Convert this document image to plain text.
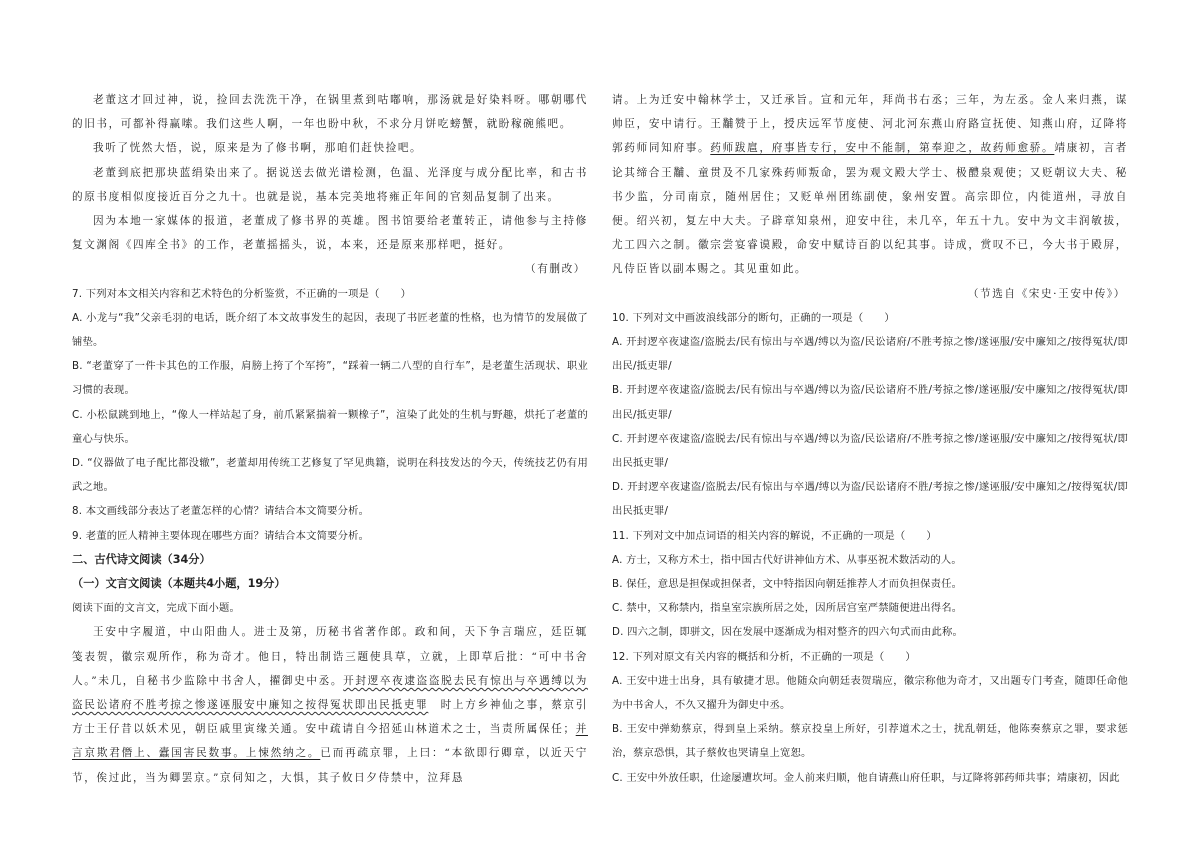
老董这才回过神，说，捡回去洗洗干净，在锅里煮到咕嘟响，那汤就是好染料呀。哪朝哪代的旧书，可都补得赢嗦。我们这些人啊，一年也盼中秋，不求分月饼吃螃蟹，就盼稼碗熊吧。

我听了恍然大悟，说，原来是为了修书啊，那咱们赶快捡吧。

老董到底把那块蓝绢染出来了。据说送去做光谱检测，色温、光泽度与成分配比率，和古书的原书度相似度接近百分之九十。也就是说，基本完美地将雍正年间的官刻品复制了出来。

因为本地一家媒体的报道，老董成了修书界的英雄。图书馆要给老董转正，请他参与主持修复文渊阁《四库全书》的工作，老董摇摇头，说，本来，还是原来那样吧，挺好。

（有删改）

7. 下列对本文相关内容和艺术特色的分析鉴赏，不正确的一项是（　　）

A. 小龙与“我”父亲毛羽的电话，既介绍了本文故事发生的起因，表现了书匠老董的性格，也为情节的发展做了铺垫。

B. “老董穿了一件卡其色的工作服，肩膀上挎了个军挎”，“踩着一辆二八型的自行车”，是老董生活现状、职业习惯的表现。

C. 小松鼠跳到地上，“像人一样站起了身，前爪紧紧揣着一颗橡子”，渲染了此处的生机与野趣，烘托了老董的童心与快乐。

D. “仪器做了电子配比都没辙”，老董却用传统工艺修复了罕见典籍，说明在科技发达的今天，传统技艺仍有用武之地。

8. 本文画线部分表达了老董怎样的心情？请结合本文简要分析。

9. 老董的匠人精神主要体现在哪些方面？请结合本文简要分析。

二、古代诗文阅读（34分）
（一）文言文阅读（本题共4小题，19分）

阅读下面的文言文，完成下面小题。

王安中字履道，中山阳曲人。进士及第，历秘书省著作郎。政和间，天下争言瑞应，廷臣辄笺表贺，徽宗观所作，称为奇才。他日，特出制诰三题使具草，立就，上即草后批：“可中书舍人。”未几，自秘书少监除中书舍人，擢御史中丞。开封逻卒夜逮盗盗脱去民有惊出与卒遇缚以为盗民讼诸府不胜考掠之惨遂诬服安中廉知之按得冤状即出民抵吏罪　 时上方乡神仙之事，蔡京引方士王仔昔以妖术见，朝臣戚里寅缘关通。安中疏请自今招延山林道术之士，当责所属保任；并言京欺君僭上、蠹国害民数事。上悚然纳之。已而再疏京罪，上曰：“本欲即行卿章，以近天宁节，俟过此，当为卿罢京。”京伺知之，大惧，其子攸日夕侍禁中，泣拜恳

请。上为迁安中翰林学士，又迁承旨。宣和元年，拜尚书右丞；三年，为左丞。金人来归燕，谋帅臣，安中请行。王黼赞于上，授庆远军节度使、河北河东燕山府路宣抚使、知燕山府，辽降将郭药师同知府事。药师跋扈，府事皆专行，安中不能制，第奉迎之，故药师愈骄。靖康初，言者论其缔合王黼、童贯及不几家殊药师叛命，罢为观文殿大学士、极醴泉观使；又贬朝议大夫、秘书少监，分司南京，随州居住；又贬单州团练副使，象州安置。高宗即位，内徙道州，寻放自便。绍兴初，复左中大夫。子辟章知泉州，迎安中往，未几卒，年五十九。安中为文丰润敏拔，尤工四六之制。徽宗尝宴睿谟殿，命安中赋诗百韵以纪其事。诗成，赏叹不已，今大书于殿屏，凡侍臣皆以副本赐之。其见重如此。

（节选自《宋史·王安中传》）

10. 下列对文中画波浪线部分的断句，正确的一项是（　　）

A. 开封逻卒夜逮盗/盗脱去/民有惊出与卒遇/缚以为盗/民讼诸府/不胜考掠之惨/遂诬服/安中廉知之/按得冤状/即出民/抵吏罪/

B. 开封逻卒夜逮盗/盗脱去/民有惊出与卒遇/缚以为盗/民讼诸府不胜/考掠之惨/遂诬服/安中廉知之/按得冤状/即出民/抵吏罪/

C. 开封逻卒夜逮盗/盗脱去/民有惊出与卒遇/缚以为盗/民讼诸府/不胜考掠之惨/遂诬服/安中廉知之/按得冤状/即出民抵吏罪/

D. 开封逻卒夜逮盗/盗脱去/民有惊出与卒遇/缚以为盗/民讼诸府不胜/考掠之惨/遂诬服/安中廉知之/按得冤状/即出民抵吏罪/

11. 下列对文中加点词语的相关内容的解说，不正确的一项是（　　）

A. 方士，又称方术士，指中国古代好讲神仙方术、从事巫祝术数活动的人。

B. 保任，意思是担保或担保者，文中特指因向朝廷推荐人才而负担保责任。

C. 禁中，又称禁内，指皇室宗族所居之处，因所居宫室严禁随便进出得名。

D. 四六之制，即骈文，因在发展中逐渐成为相对整齐的四六句式而由此称。

12. 下列对原文有关内容的概括和分析，不正确的一项是（　　）

A. 王安中进士出身，具有敏捷才思。他随众向朝廷表贺瑞应，徽宗称他为奇才，又出题专门考查，随即任命他为中书舍人，不久又擢升为御史中丞。

B. 王安中弹劾蔡京，得到皇上采纳。蔡京投皇上所好，引荐道术之士，扰乱朝廷，他陈奏蔡京之罪，要求惩治，蔡京恐惧，其子蔡攸也哭请皇上宽恕。

C. 王安中外放任职，仕途屡遭坎坷。金人前来归顺，他自请燕山府任职，与辽降将郭药师共事；靖康初，因此
